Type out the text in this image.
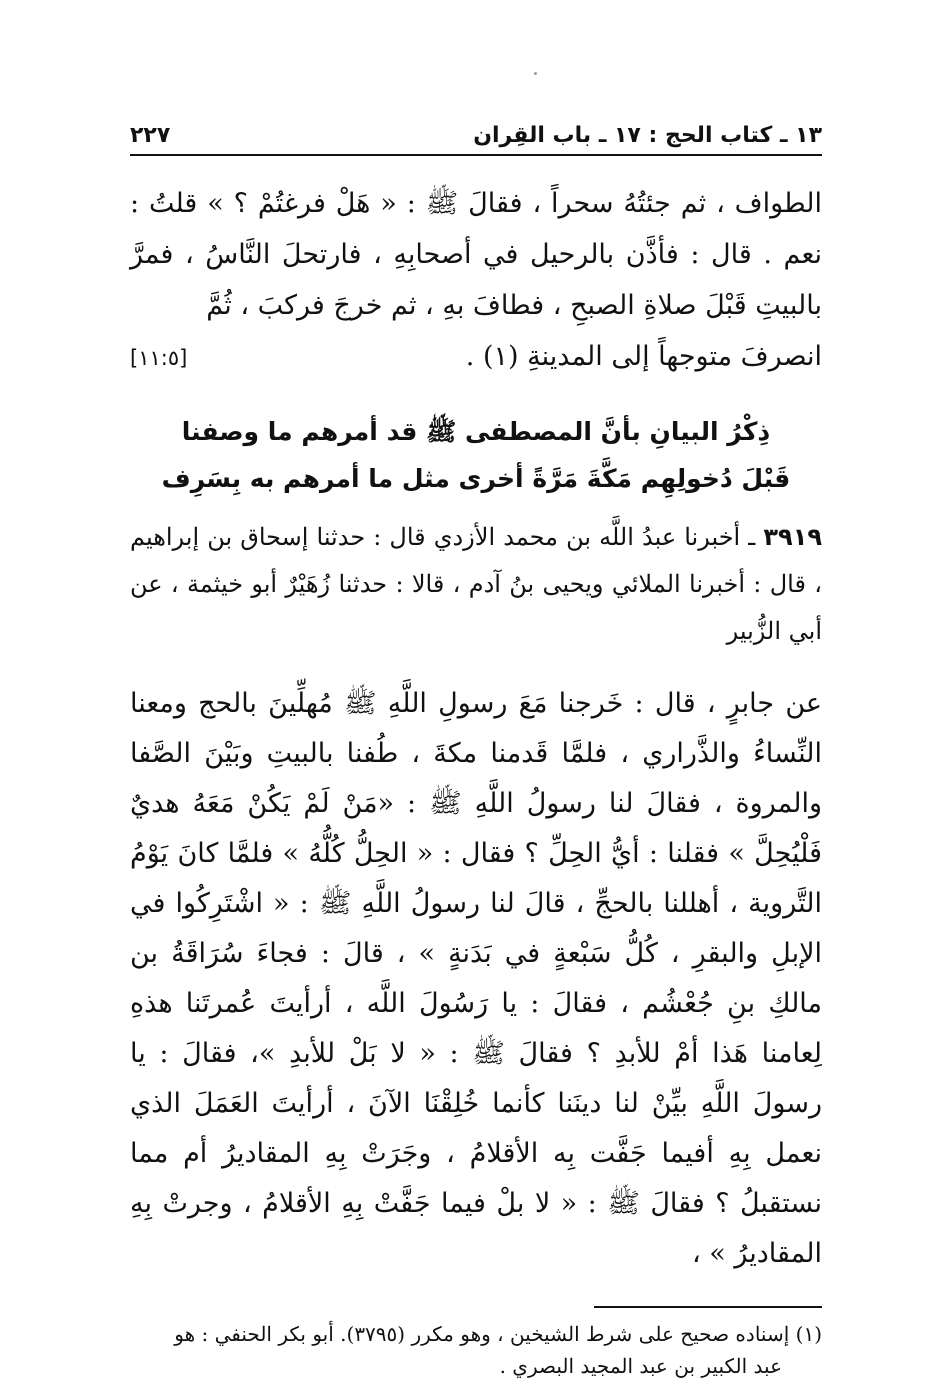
١٣ ـ كتاب الحج : ١٧ ـ باب القِران
٢٢٧

الطواف ، ثم جئتُهُ سحراً ، فقالَ ﷺ : « هَلْ فرغتُمْ ؟ » قلتُ : نعم . قال : فأذَّن بالرحيل في أصحابِهِ ، فارتحلَ النَّاسُ ، فمرَّ بالبيتِ قَبْلَ صلاةِ الصبحِ ، فطافَ بهِ ، ثم خرجَ فركبَ ، ثُمَّ

انصرفَ متوجهاً إلى المدينةِ (١) .
[١١:٥]
ذِكْرُ البيانِ بأنَّ المصطفى ﷺ قد أمرهم ما وصفنا
قَبْلَ دُخولِهِم مَكَّةَ مَرَّةً أخرى مثل ما أمرهم به بِسَرِف

٣٩١٩ ـ أخبرنا عبدُ اللَّه بن محمد الأزدي قال : حدثنا إسحاق بن إبراهيم ، قال : أخبرنا الملائي ويحيى بنُ آدم ، قالا : حدثنا زُهَيْرٌ أبو خيثمة ، عن أبي الزُّبير

عن جابرٍ ، قال : خَرجنا مَعَ رسولِ اللَّهِ ﷺ مُهلِّينَ بالحج ومعنا النِّساءُ والذَّراري ، فلمَّا قَدمنا مكةَ ، طُفنا بالبيتِ وبَيْنَ الصَّفا والمروة ، فقالَ لنا رسولُ اللَّهِ ﷺ : «مَنْ لَمْ يَكُنْ مَعَهُ هديٌ فَلْيُحِلَّ » فقلنا : أيُّ الحِلِّ ؟ فقال : « الحِلُّ كُلُّهُ » فلمَّا كانَ يَوْمُ التَّروية ، أهللنا بالحجِّ ، قالَ لنا رسولُ اللَّهِ ﷺ : « اشْتَرِكُوا في الإبلِ والبقرِ ، كُلُّ سَبْعةٍ في بَدَنةٍ » ، قالَ : فجاءَ سُرَاقَةُ بن مالكِ بنِ جُعْشُم ، فقالَ : يا رَسُولَ اللَّه ، أرأيتَ عُمرتَنا هذهِ لِعامنا هَذا أمْ للأبدِ ؟ فقالَ ﷺ : « لا بَلْ للأبدِ »، فقالَ : يا رسولَ اللَّهِ بيِّنْ لنا دينَنا كأنما خُلِقْنَا الآنَ ، أرأيتَ العَمَلَ الذي نعمل بِهِ أفيما جَفَّت بِه الأقلامُ ، وجَرَتْ بِهِ المقاديرُ أم مما نستقبلُ ؟ فقالَ ﷺ : « لا بلْ فيما جَفَّتْ بِهِ الأقلامُ ، وجرتْ بِهِ المقاديرُ » ،

(١) إسناده صحيح على شرط الشيخين ، وهو مكرر (٣٧٩٥). أبو بكر الحنفي : هو
عبد الكبير بن عبد المجيد البصري .
